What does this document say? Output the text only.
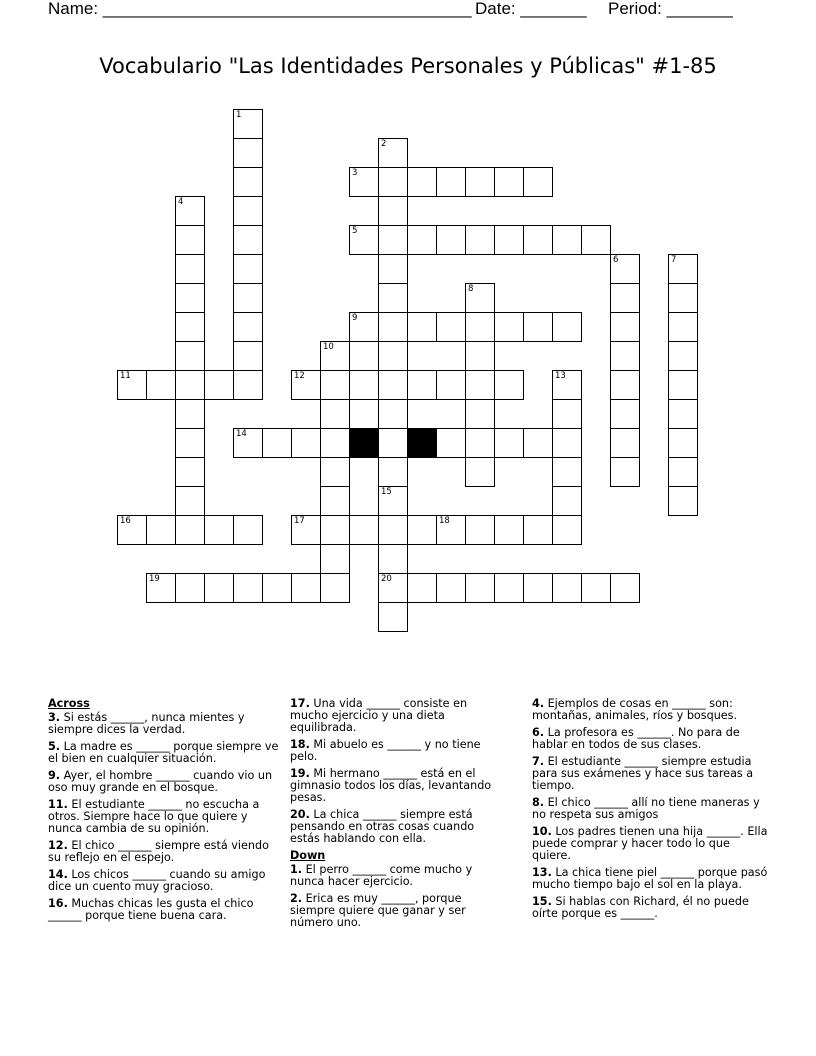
Name: _______________________________________ Date: _______ Period: _______
Vocabulario "Las Identidades Personales y Públicas" #1-85
1
2
15
20
3
4
5
6	7
8
9
10
11	12	13
14
16	17	18
19
Across
3. Si estás ______, nunca mientes y siempre dices la verdad.
5. La madre es ______ porque siempre ve el bien en cualquier situación.
9. Ayer, el hombre ______ cuando vio un oso muy grande en el bosque.
11. El estudiante ______ no escucha a otros. Siempre hace lo que quiere y nunca cambia de su opinión.
12. El chico ______ siempre está viendo su reflejo en el espejo.
14. Los chicos ______ cuando su amigo dice un cuento muy gracioso.
16. Muchas chicas les gusta el chico ______ porque tiene buena cara.
17. Una vida ______ consiste en mucho ejercicio y una dieta equilibrada.
18. Mi abuelo es ______ y no tiene pelo.
19. Mi hermano ______ está en el gimnasio todos los días, levantando pesas.
20. La chica ______ siempre está pensando en otras cosas cuando estás hablando con ella.
Down
1. El perro ______ come mucho y nunca hacer ejercicio.
2. Erica es muy ______, porque siempre quiere que ganar y ser número uno.
4. Ejemplos de cosas en ______ son: montañas, animales, ríos y bosques.
6. La profesora es ______. No para de hablar en todos de sus clases.
7. El estudiante ______ siempre estudia para sus exámenes y hace sus tareas a tiempo.
8. El chico ______ allí no tiene maneras y no respeta sus amigos
10. Los padres tienen una hija ______. Ella puede comprar y hacer todo lo que quiere.
13. La chica tiene piel ______ porque pasó mucho tiempo bajo el sol en la playa.
15. Si hablas con Richard, él no puede oírte porque es ______.
